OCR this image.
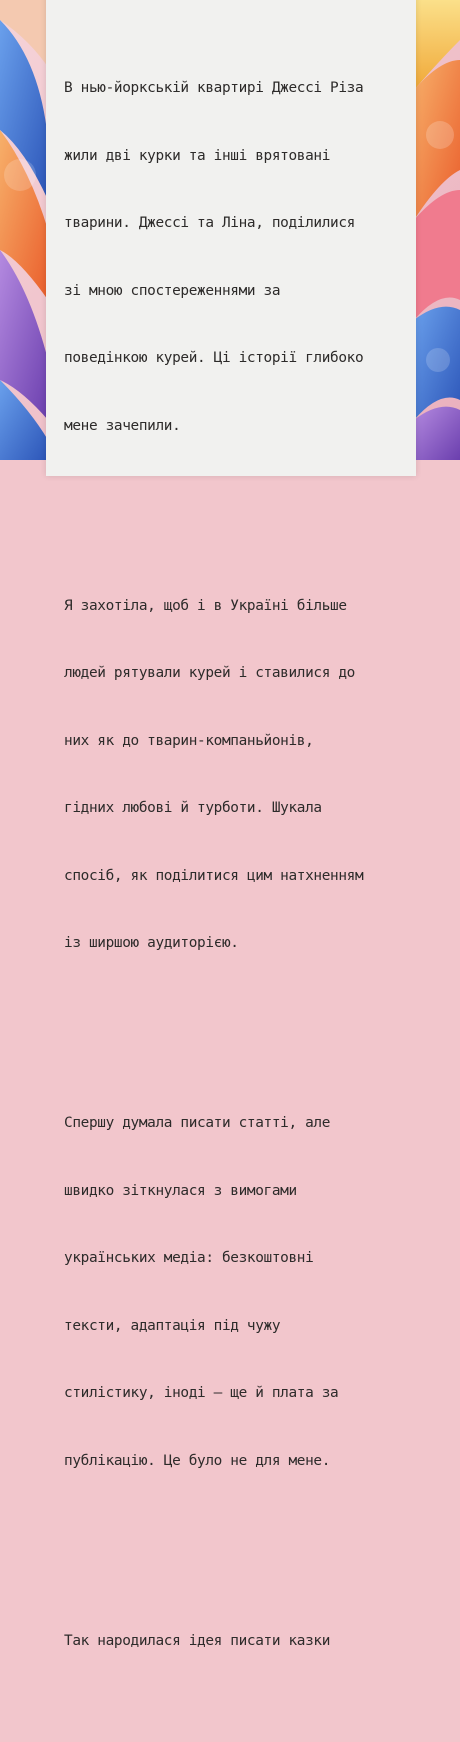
В нью-йоркській квартирі Джессі Різа

жили дві курки та інші врятовані

тварини. Джессі та Ліна, поділилися

зі мною спостереженнями за

поведінкою курей. Ці історії глибоко

мене зачепили.

Я захотіла, щоб і в Україні більше

людей рятували курей і ставилися до

них як до тварин-компаньйонів,

гідних любові й турботи. Шукала

спосіб, як поділитися цим натхненням

із ширшою аудиторією.

Спершу думала писати статті, але

швидко зіткнулася з вимогами

українських медіа: безкоштовні

тексти, адаптація під чужу

стилістику, іноді — ще й плата за

публікацію. Це було не для мене.

Так народилася ідея писати казки
